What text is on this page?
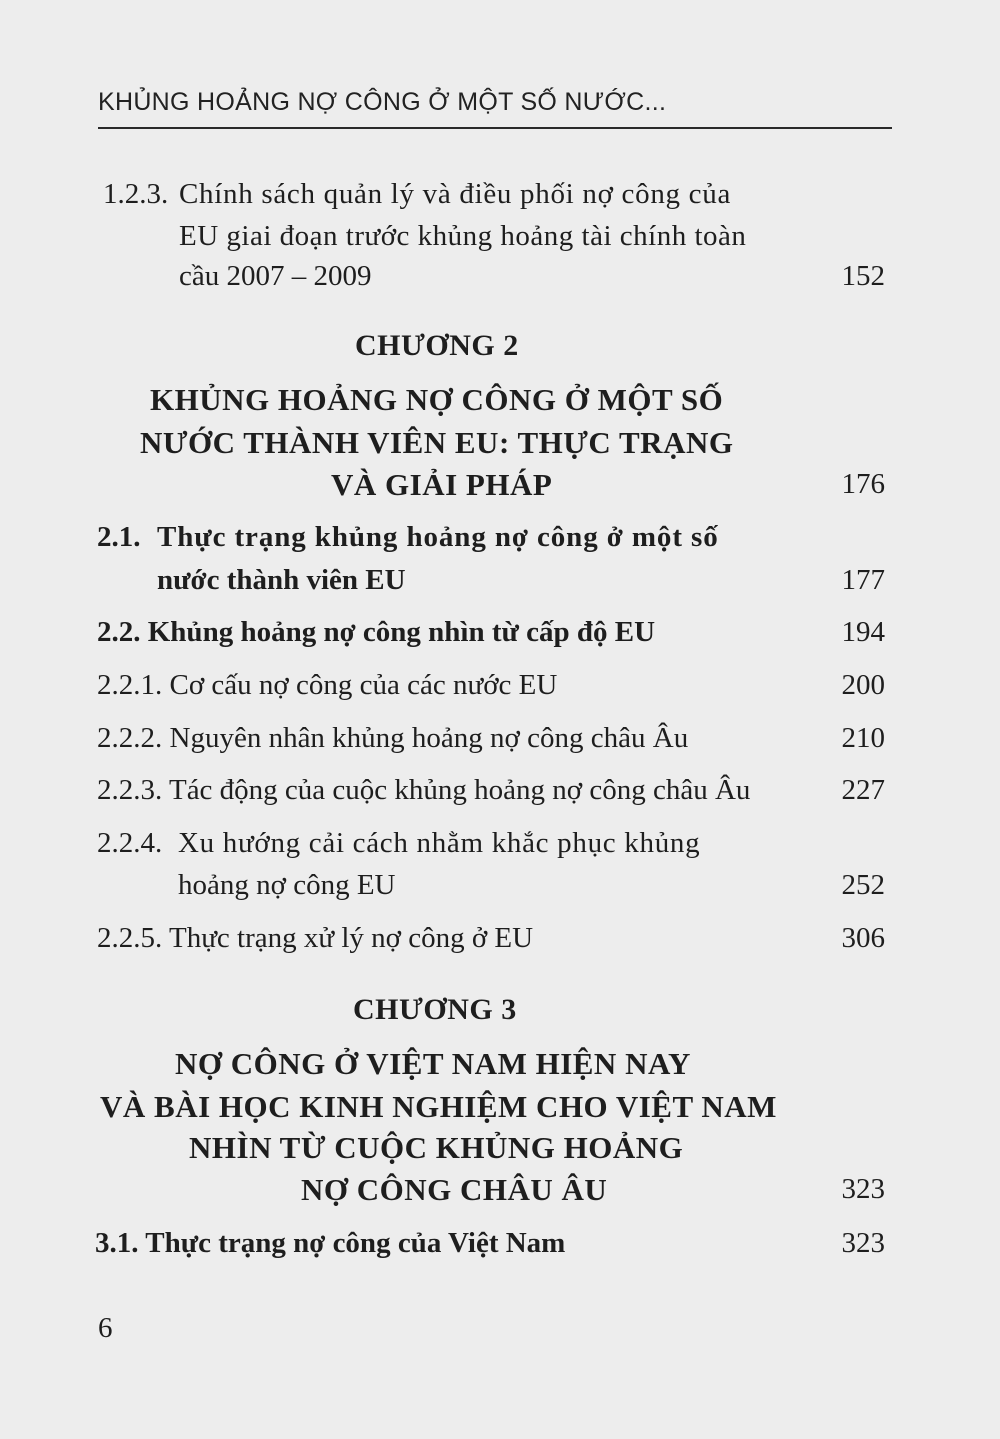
KHỦNG HOẢNG NỢ CÔNG Ở MỘT SỐ NƯỚC...
1.2.3. Chính sách quản lý và điều phối nợ công của
EU giai đoạn trước khủng hoảng tài chính toàn
cầu 2007 – 2009	152
CHƯƠNG 2
KHỦNG HOẢNG NỢ CÔNG Ở MỘT SỐ
NƯỚC THÀNH VIÊN EU: THỰC TRẠNG
VÀ GIẢI PHÁP	176
2.1. Thực trạng khủng hoảng nợ công ở một số
nước thành viên EU	177
2.2. Khủng hoảng nợ công nhìn từ cấp độ EU	194
2.2.1. Cơ cấu nợ công của các nước EU	200
2.2.2. Nguyên nhân khủng hoảng nợ công châu Âu	210
2.2.3. Tác động của cuộc khủng hoảng nợ công châu Âu	227
2.2.4. Xu hướng cải cách nhằm khắc phục khủng
hoảng nợ công EU	252
2.2.5. Thực trạng xử lý nợ công ở EU	306
CHƯƠNG 3
NỢ CÔNG Ở VIỆT NAM HIỆN NAY
VÀ BÀI HỌC KINH NGHIỆM CHO VIỆT NAM
NHÌN TỪ CUỘC KHỦNG HOẢNG
NỢ CÔNG CHÂU ÂU	323
3.1. Thực trạng nợ công của Việt Nam	323
6
